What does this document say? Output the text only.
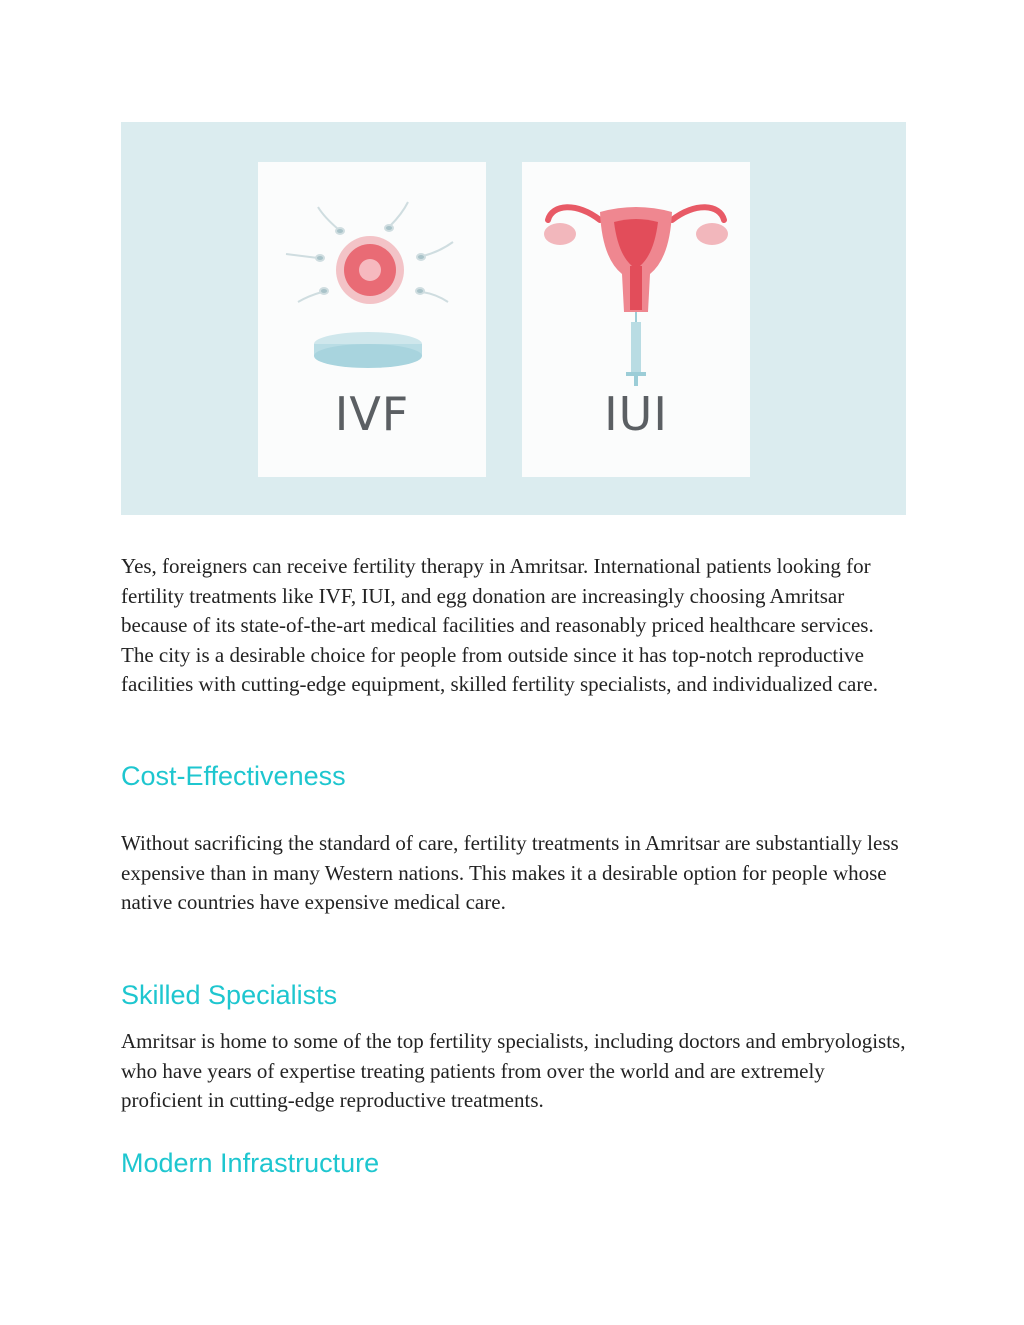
IVF	IUI

Yes, foreigners can receive fertility therapy in Amritsar. International patients looking for fertility treatments like IVF, IUI, and egg donation are increasingly choosing Amritsar because of its state-of-the-art medical facilities and reasonably priced healthcare services. The city is a desirable choice for people from outside since it has top-notch reproductive facilities with cutting-edge equipment, skilled fertility specialists, and individualized care.

Cost-Effectiveness

Without sacrificing the standard of care, fertility treatments in Amritsar are substantially less expensive than in many Western nations. This makes it a desirable option for people whose native countries have expensive medical care.

Skilled Specialists

Amritsar is home to some of the top fertility specialists, including doctors and embryologists, who have years of expertise treating patients from over the world and are extremely proficient in cutting-edge reproductive treatments.

Modern Infrastructure
